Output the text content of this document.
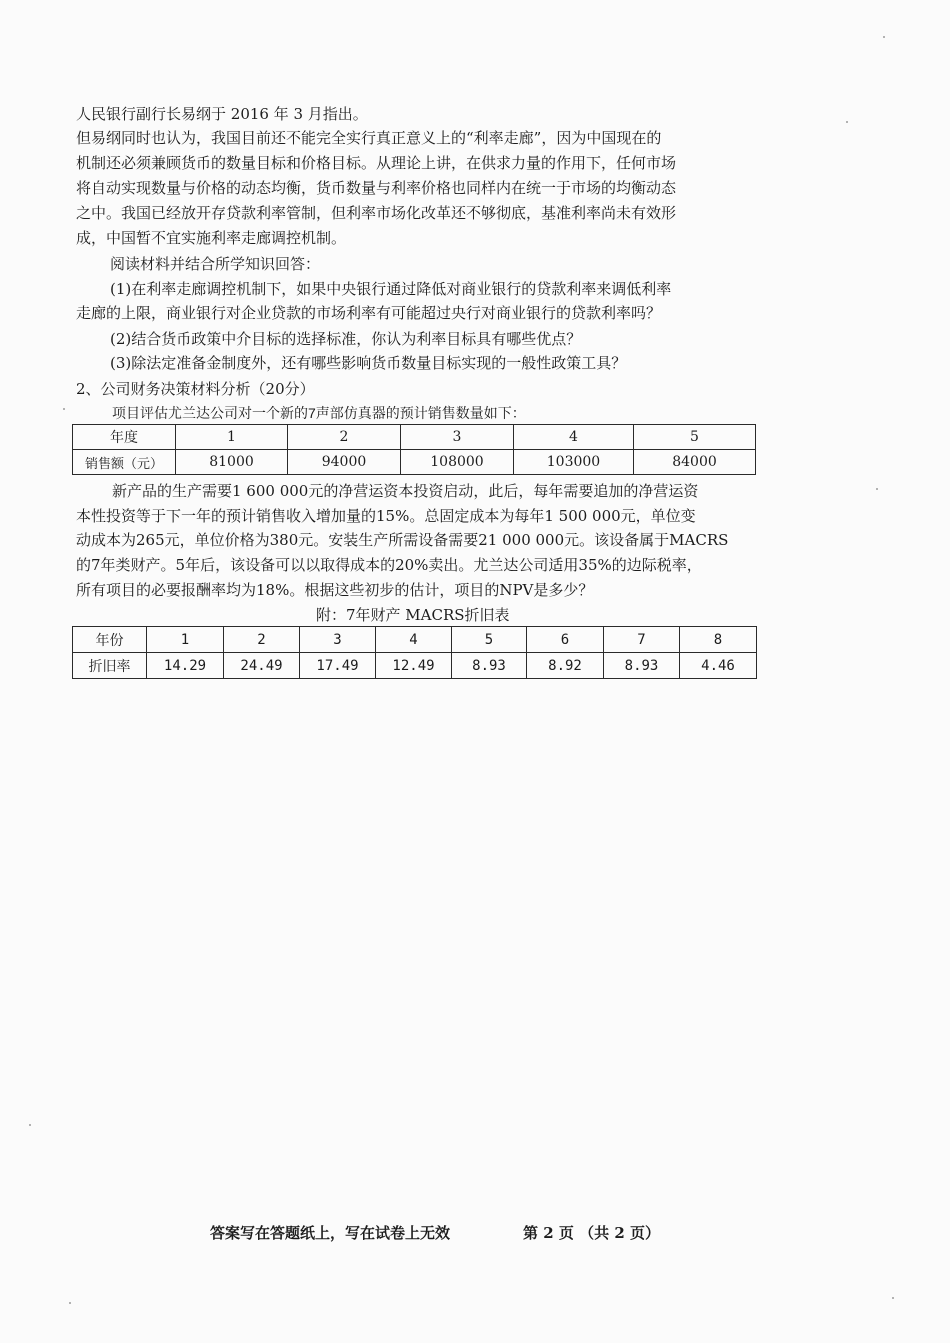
人民银行副行长易纲于 2016 年 3 月指出。
但易纲同时也认为，我国目前还不能完全实行真正意义上的“利率走廊”，因为中国现在的
机制还必须兼顾货币的数量目标和价格目标。从理论上讲，在供求力量的作用下，任何市场
将自动实现数量与价格的动态均衡，货币数量与利率价格也同样内在统一于市场的均衡动态
之中。我国已经放开存贷款利率管制，但利率市场化改革还不够彻底，基准利率尚未有效形
成，中国暂不宜实施利率走廊调控机制。
阅读材料并结合所学知识回答：
(1)在利率走廊调控机制下，如果中央银行通过降低对商业银行的贷款利率来调低利率
走廊的上限，商业银行对企业贷款的市场利率有可能超过央行对商业银行的贷款利率吗？
(2)结合货币政策中介目标的选择标准，你认为利率目标具有哪些优点？
(3)除法定准备金制度外，还有哪些影响货币数量目标实现的一般性政策工具？
2、公司财务决策材料分析（20分）
项目评估尤兰达公司对一个新的7声部仿真器的预计销售数量如下：
年度	1	2	3	4	5
销售额（元）	81000	94000	108000	103000	84000
新产品的生产需要1 600 000元的净营运资本投资启动，此后，每年需要追加的净营运资
本性投资等于下一年的预计销售收入增加量的15%。总固定成本为每年1 500 000元，单位变
动成本为265元，单位价格为380元。安装生产所需设备需要21 000 000元。该设备属于MACRS
的7年类财产。5年后，该设备可以以取得成本的20%卖出。尤兰达公司适用35%的边际税率，
所有项目的必要报酬率均为18%。根据这些初步的估计，项目的NPV是多少？
附：7年财产 MACRS折旧表
年份	1	2	3	4	5	6	7	8
折旧率	14.29	24.49	17.49	12.49	8.93	8.92	8.93	4.46
答案写在答题纸上，写在试卷上无效	第 2 页 （共 2 页）
